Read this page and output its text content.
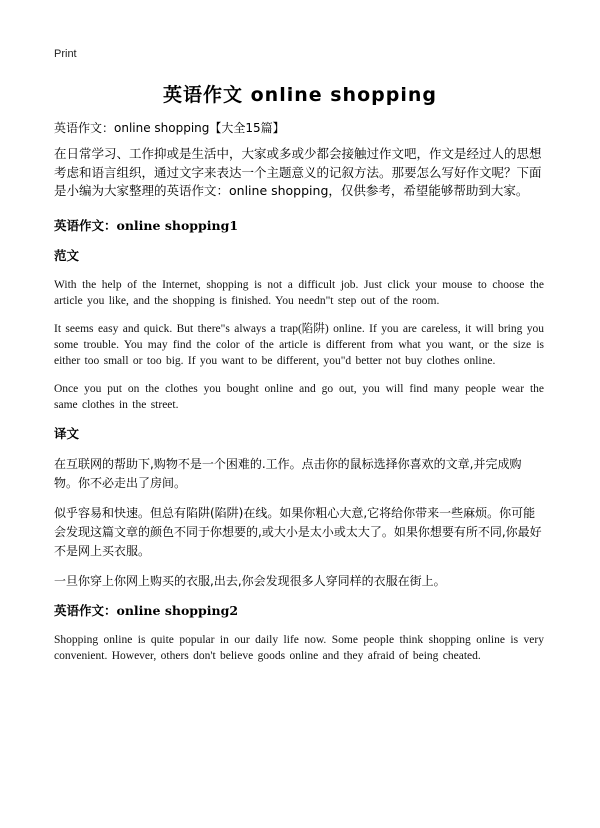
Print
英语作文 online shopping

英语作文：online shopping【大全15篇】

在日常学习、工作抑或是生活中，大家或多或少都会接触过作文吧，作文是经过人的思想考虑和语言组织，通过文字来表达一个主题意义的记叙方法。那要怎么写好作文呢？下面是小编为大家整理的英语作文：online shopping，仅供参考，希望能够帮助到大家。

英语作文：online shopping1
范文

With the help of the Internet, shopping is not a difficult job. Just click your mouse to choose the article you like, and the shopping is finished. You needn"t step out of the room.

It seems easy and quick. But there"s always a trap(陷阱) online. If you are careless, it will bring you some trouble. You may find the color of the article is different from what you want, or the size is either too small or too big. If you want to be different, you"d better not buy clothes online.

Once you put on the clothes you bought online and go out, you will find many people wear the same clothes in the street.

译文

在互联网的帮助下,购物不是一个困难的.工作。点击你的鼠标选择你喜欢的文章,并完成购物。你不必走出了房间。

似乎容易和快速。但总有陷阱(陷阱)在线。如果你粗心大意,它将给你带来一些麻烦。你可能会发现这篇文章的颜色不同于你想要的,或大小是太小或太大了。如果你想要有所不同,你最好不是网上买衣服。

一旦你穿上你网上购买的衣服,出去,你会发现很多人穿同样的衣服在街上。

英语作文：online shopping2

Shopping online is quite popular in our daily life now. Some people think shopping online is very convenient. However, others don't believe goods online and they afraid of being cheated.
